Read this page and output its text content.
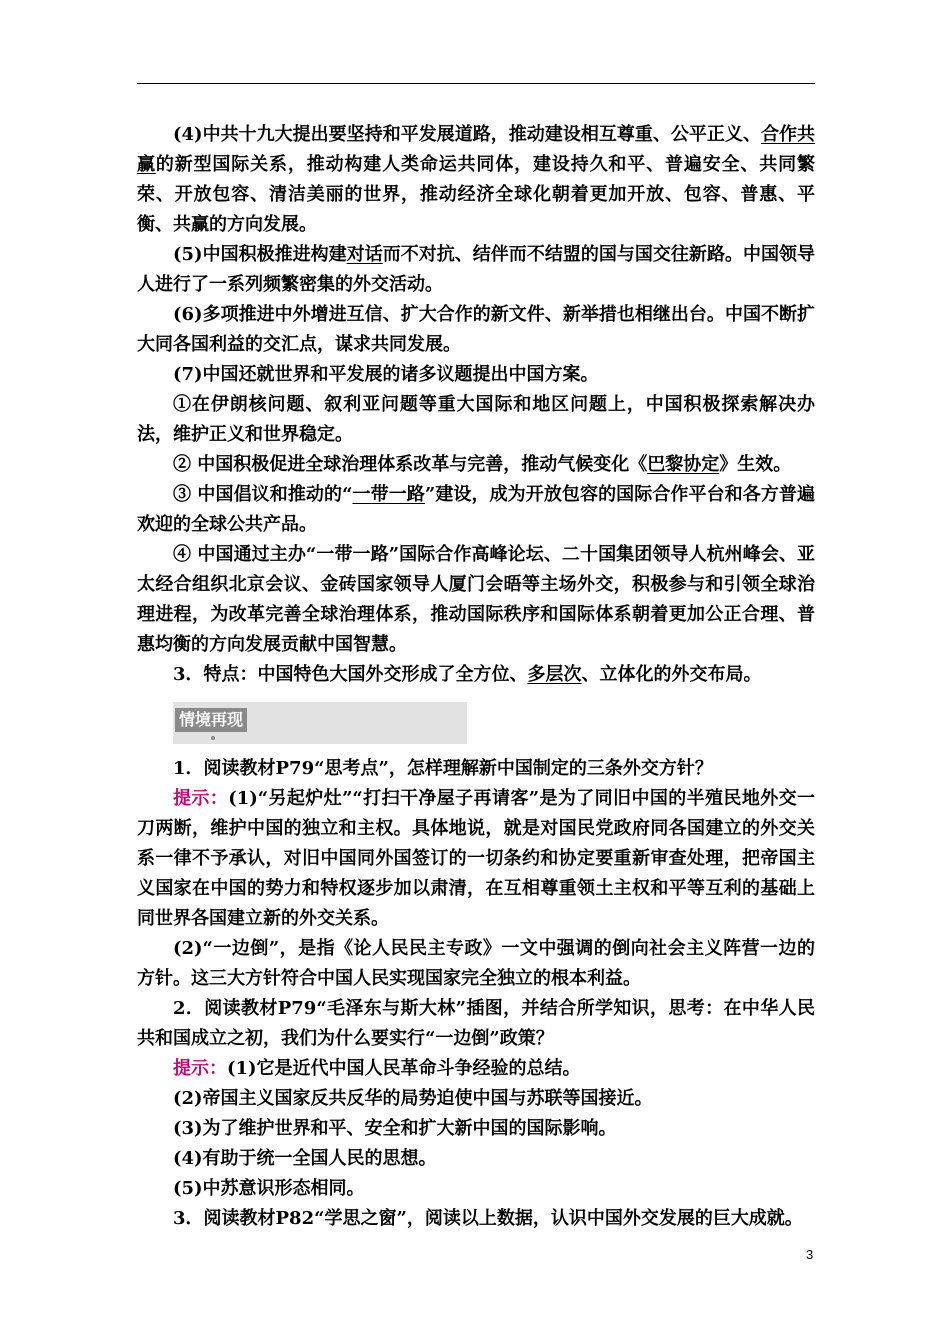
(4)中共十九大提出要坚持和平发展道路，推动建设相互尊重、公平正义、合作共赢的新型国际关系，推动构建人类命运共同体，建设持久和平、普遍安全、共同繁荣、开放包容、清洁美丽的世界，推动经济全球化朝着更加开放、包容、普惠、平衡、共赢的方向发展。

(5)中国积极推进构建对话而不对抗、结伴而不结盟的国与国交往新路。中国领导人进行了一系列频繁密集的外交活动。

(6)多项推进中外增进互信、扩大合作的新文件、新举措也相继出台。中国不断扩大同各国利益的交汇点，谋求共同发展。

(7)中国还就世界和平发展的诸多议题提出中国方案。

①在伊朗核问题、叙利亚问题等重大国际和地区问题上，中国积极探索解决办法，维护正义和世界稳定。

② 中国积极促进全球治理体系改革与完善，推动气候变化《巴黎协定》生效。

③ 中国倡议和推动的“一带一路”建设，成为开放包容的国际合作平台和各方普遍欢迎的全球公共产品。

④ 中国通过主办“一带一路”国际合作高峰论坛、二十国集团领导人杭州峰会、亚太经合组织北京会议、金砖国家领导人厦门会晤等主场外交，积极参与和引领全球治理进程，为改革完善全球治理体系，推动国际秩序和国际体系朝着更加公正合理、普惠均衡的方向发展贡献中国智慧。

3．特点：中国特色大国外交形成了全方位、多层次、立体化的外交布局。

情境再现

1．阅读教材P79“思考点”，怎样理解新中国制定的三条外交方针？

提示：(1)“另起炉灶”“打扫干净屋子再请客”是为了同旧中国的半殖民地外交一刀两断，维护中国的独立和主权。具体地说，就是对国民党政府同各国建立的外交关系一律不予承认，对旧中国同外国签订的一切条约和协定要重新审查处理，把帝国主义国家在中国的势力和特权逐步加以肃清，在互相尊重领土主权和平等互利的基础上同世界各国建立新的外交关系。

(2)“一边倒”，是指《论人民民主专政》一文中强调的倒向社会主义阵营一边的方针。这三大方针符合中国人民实现国家完全独立的根本利益。

2．阅读教材P79“毛泽东与斯大林”插图，并结合所学知识，思考：在中华人民共和国成立之初，我们为什么要实行“一边倒”政策？

提示：(1)它是近代中国人民革命斗争经验的总结。

(2)帝国主义国家反共反华的局势迫使中国与苏联等国接近。

(3)为了维护世界和平、安全和扩大新中国的国际影响。

(4)有助于统一全国人民的思想。

(5)中苏意识形态相同。

3．阅读教材P82“学思之窗”，阅读以上数据，认识中国外交发展的巨大成就。

3
